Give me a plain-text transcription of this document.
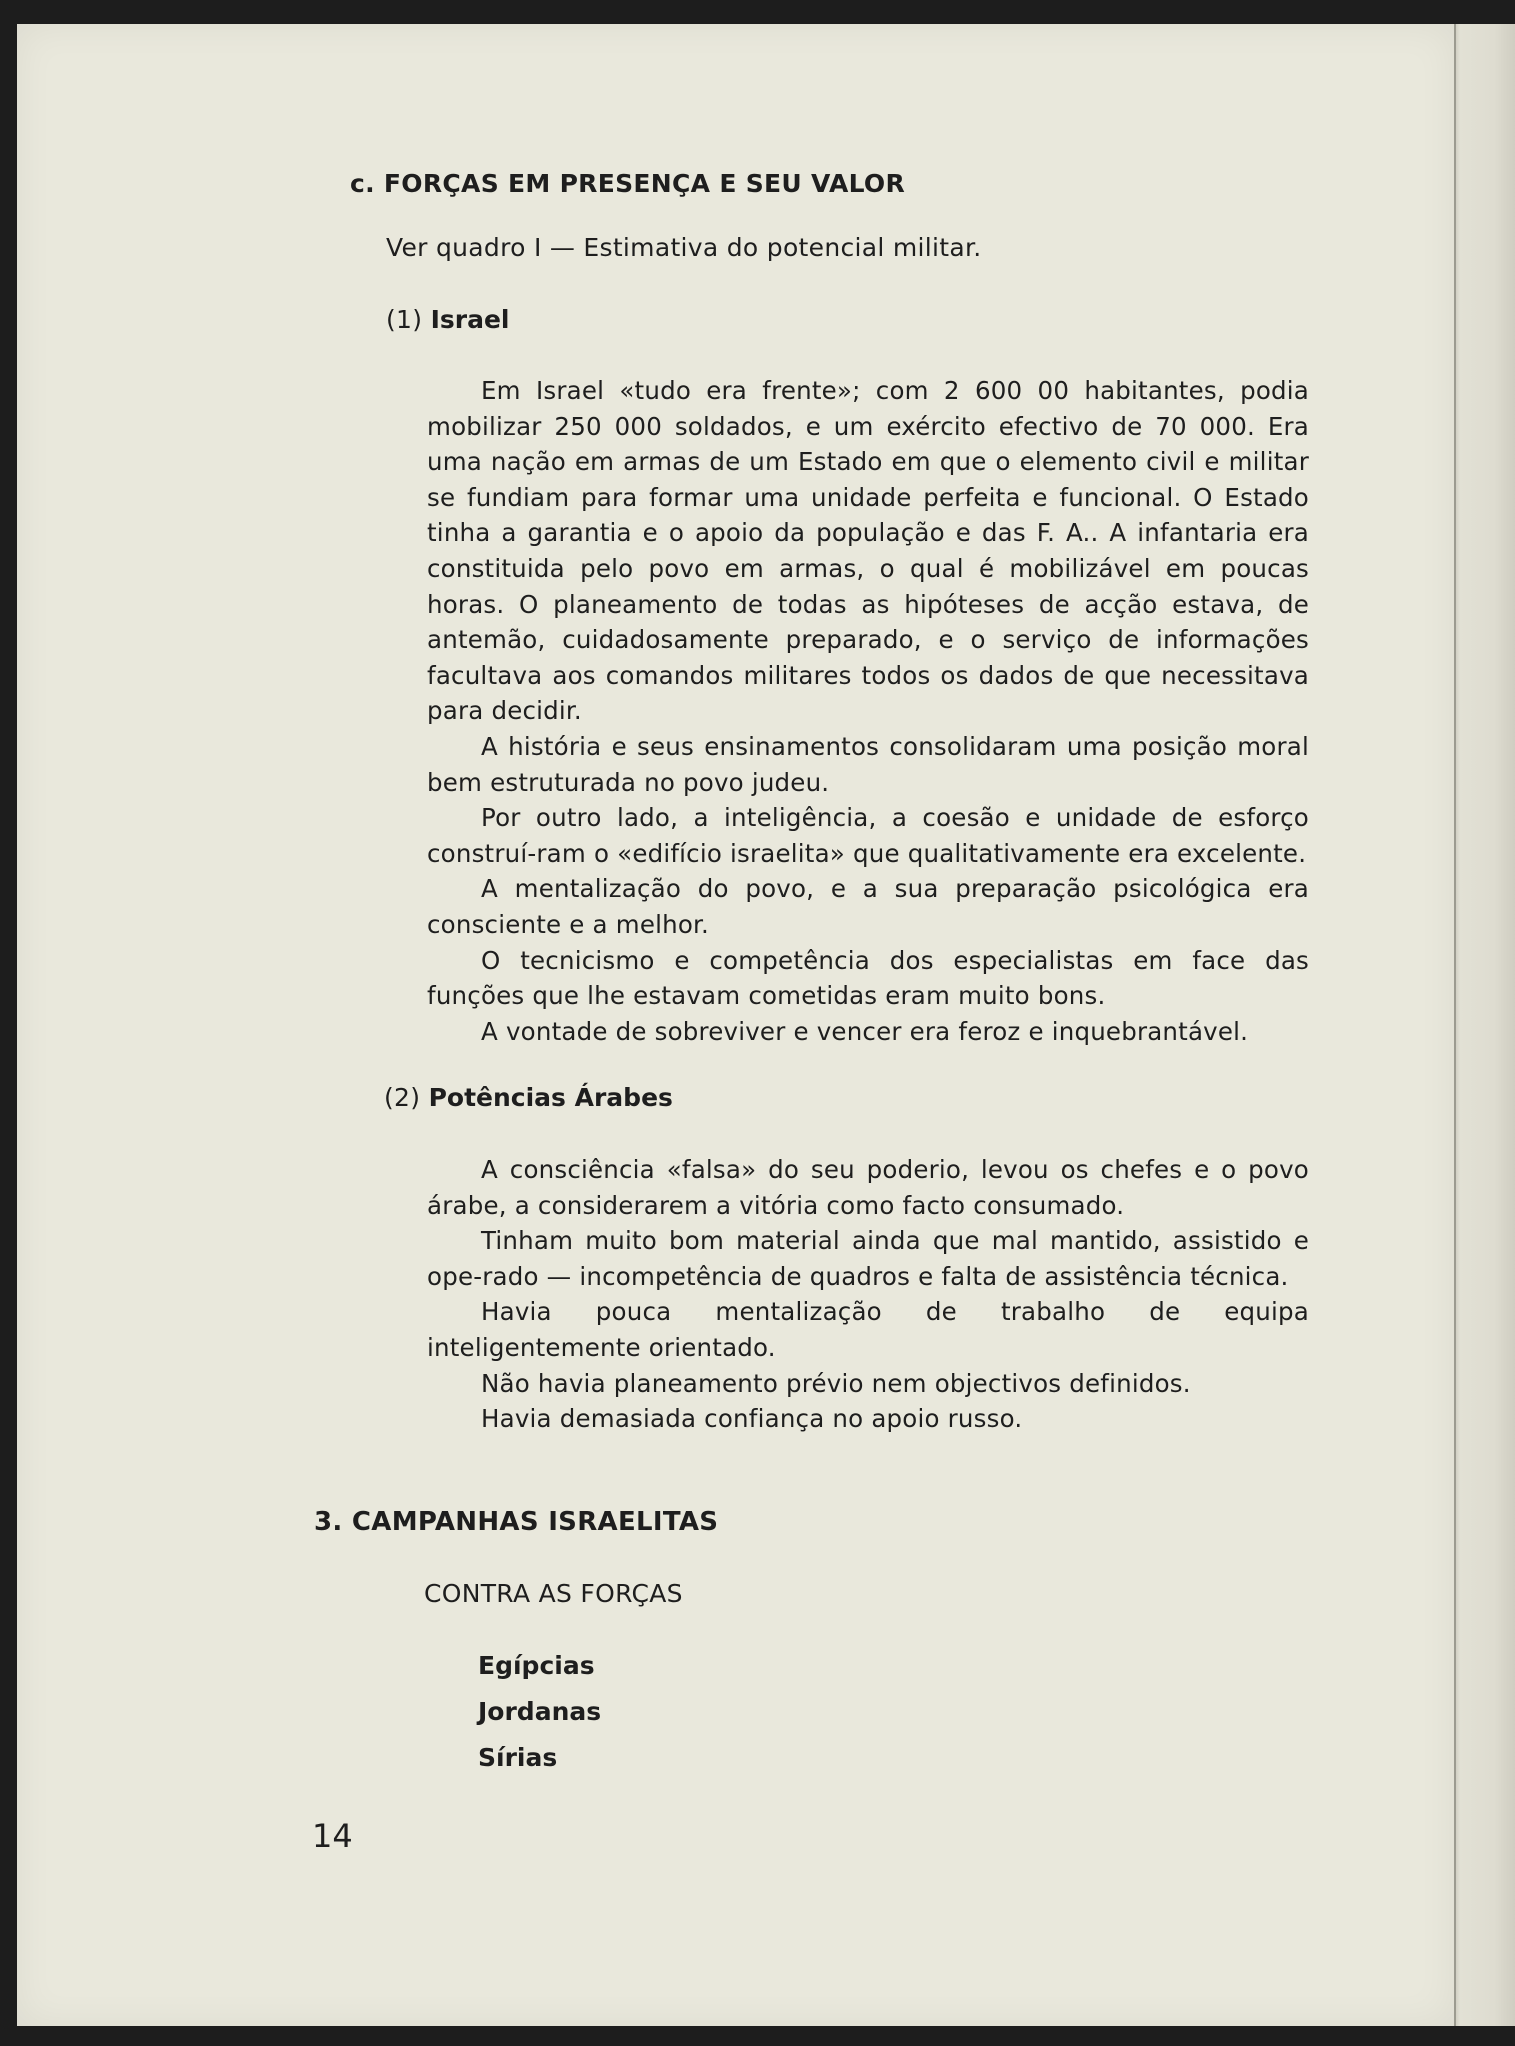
c. FORÇAS EM PRESENÇA E SEU VALOR

Ver quadro I — Estimativa do potencial militar.

(1) Israel

Em Israel «tudo era frente»; com 2 600 00 habitantes, podia mobilizar 250 000 soldados, e um exército efectivo de 70 000. Era uma nação em armas de um Estado em que o elemento civil e militar se fundiam para formar uma unidade perfeita e funcional. O Estado tinha a garantia e o apoio da população e das F. A.. A infantaria era constituida pelo povo em armas, o qual é mobilizável em poucas horas. O planeamento de todas as hipóteses de acção estava, de antemão, cuidadosamente preparado, e o serviço de informações facultava aos comandos militares todos os dados de que necessitava para decidir.

A história e seus ensinamentos consolidaram uma posição moral bem estruturada no povo judeu.

Por outro lado, a inteligência, a coesão e unidade de esforço construí-ram o «edifício israelita» que qualitativamente era excelente.

A mentalização do povo, e a sua preparação psicológica era consciente e a melhor.

O tecnicismo e competência dos especialistas em face das funções que lhe estavam cometidas eram muito bons.

A vontade de sobreviver e vencer era feroz e inquebrantável.

(2) Potências Árabes

A consciência «falsa» do seu poderio, levou os chefes e o povo árabe, a considerarem a vitória como facto consumado.

Tinham muito bom material ainda que mal mantido, assistido e ope-rado — incompetência de quadros e falta de assistência técnica.

Havia pouca mentalização de trabalho de equipa inteligentemente orientado.

Não havia planeamento prévio nem objectivos definidos.

Havia demasiada confiança no apoio russo.

3. CAMPANHAS ISRAELITAS

CONTRA AS FORÇAS

Egípcias

Jordanas

Sírias

14
